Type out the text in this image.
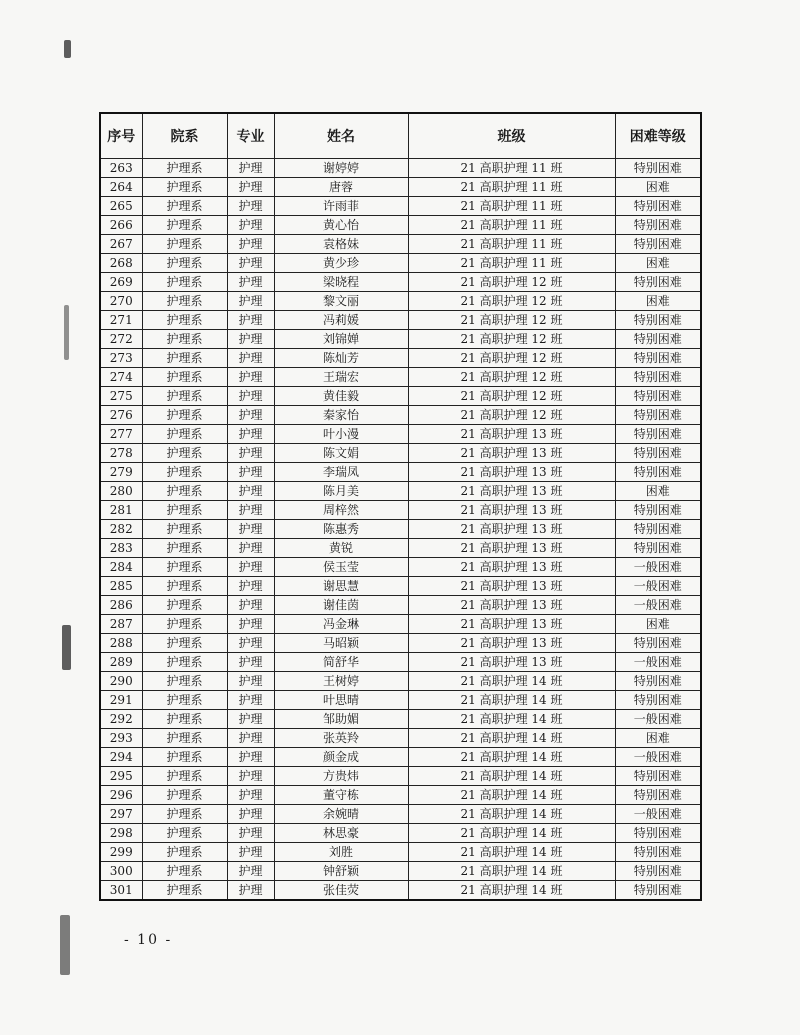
序号	院系	专业	姓名	班级	困难等级
263	护理系	护理	谢婷婷	21 高职护理 11 班	特别困难
264	护理系	护理	唐蓉	21 高职护理 11 班	困难
265	护理系	护理	许雨菲	21 高职护理 11 班	特别困难
266	护理系	护理	黄心怡	21 高职护理 11 班	特别困难
267	护理系	护理	袁格妹	21 高职护理 11 班	特别困难
268	护理系	护理	黄少珍	21 高职护理 11 班	困难
269	护理系	护理	梁晓程	21 高职护理 12 班	特别困难
270	护理系	护理	黎文丽	21 高职护理 12 班	困难
271	护理系	护理	冯莉媛	21 高职护理 12 班	特别困难
272	护理系	护理	刘锦婵	21 高职护理 12 班	特别困难
273	护理系	护理	陈灿芳	21 高职护理 12 班	特别困难
274	护理系	护理	王瑞宏	21 高职护理 12 班	特别困难
275	护理系	护理	黄佳毅	21 高职护理 12 班	特别困难
276	护理系	护理	秦家怡	21 高职护理 12 班	特别困难
277	护理系	护理	叶小漫	21 高职护理 13 班	特别困难
278	护理系	护理	陈文娟	21 高职护理 13 班	特别困难
279	护理系	护理	李瑞凤	21 高职护理 13 班	特别困难
280	护理系	护理	陈月美	21 高职护理 13 班	困难
281	护理系	护理	周梓然	21 高职护理 13 班	特别困难
282	护理系	护理	陈惠秀	21 高职护理 13 班	特别困难
283	护理系	护理	黄锐	21 高职护理 13 班	特别困难
284	护理系	护理	侯玉莹	21 高职护理 13 班	一般困难
285	护理系	护理	谢思慧	21 高职护理 13 班	一般困难
286	护理系	护理	谢佳茵	21 高职护理 13 班	一般困难
287	护理系	护理	冯金琳	21 高职护理 13 班	困难
288	护理系	护理	马昭颖	21 高职护理 13 班	特别困难
289	护理系	护理	简舒华	21 高职护理 13 班	一般困难
290	护理系	护理	王树婷	21 高职护理 14 班	特别困难
291	护理系	护理	叶思晴	21 高职护理 14 班	特别困难
292	护理系	护理	邹助媚	21 高职护理 14 班	一般困难
293	护理系	护理	张英羚	21 高职护理 14 班	困难
294	护理系	护理	颜金成	21 高职护理 14 班	一般困难
295	护理系	护理	方贵炜	21 高职护理 14 班	特别困难
296	护理系	护理	董守栋	21 高职护理 14 班	特别困难
297	护理系	护理	余婉晴	21 高职护理 14 班	一般困难
298	护理系	护理	林思豪	21 高职护理 14 班	特别困难
299	护理系	护理	刘胜	21 高职护理 14 班	特别困难
300	护理系	护理	钟舒颖	21 高职护理 14 班	特别困难
301	护理系	护理	张佳荧	21 高职护理 14 班	特别困难
- 10 -
